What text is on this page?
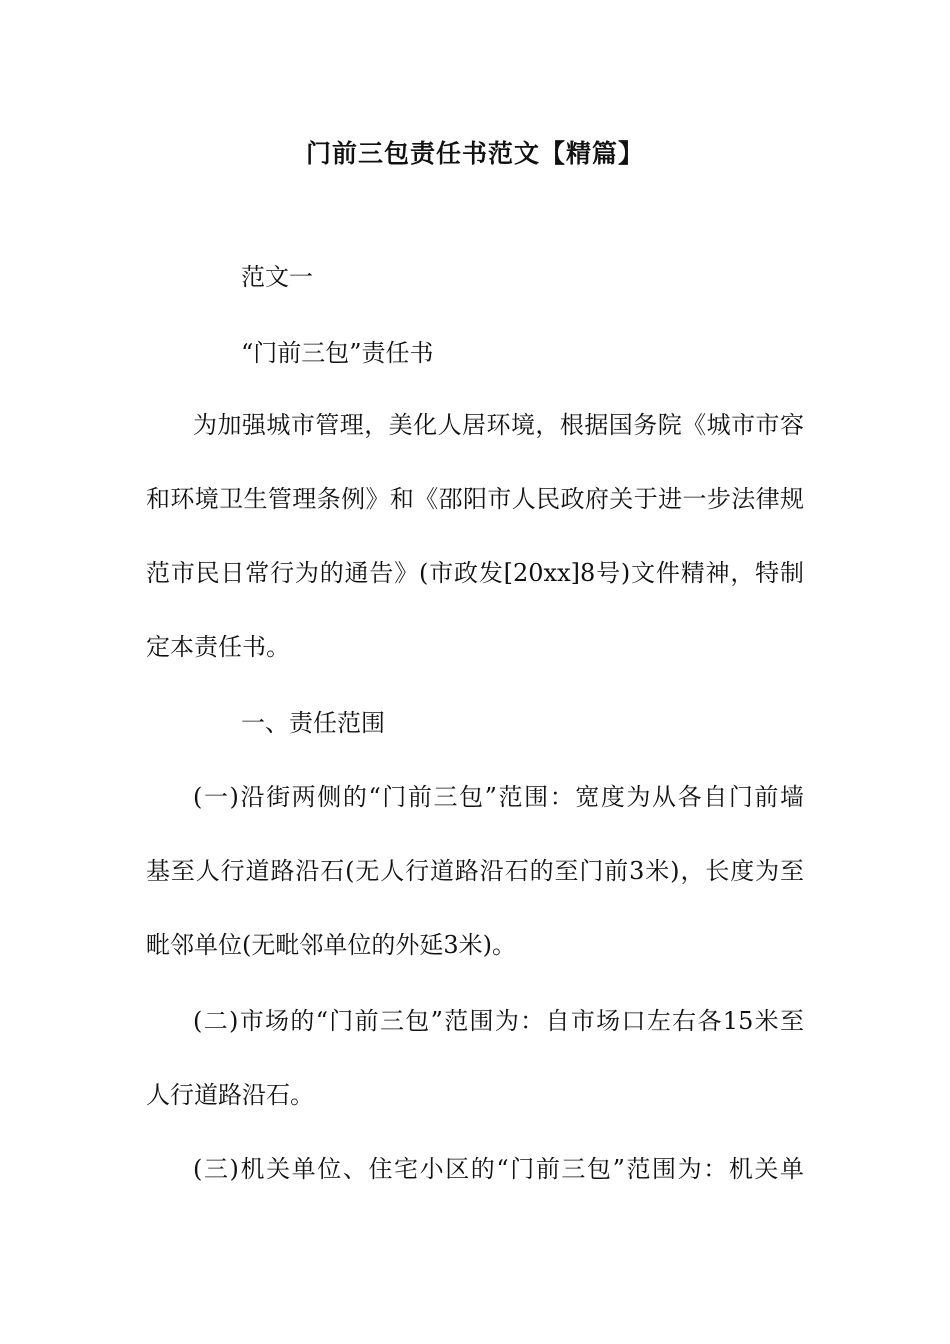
门前三包责任书范文【精篇】
范文一
“门前三包”责任书
为加强城市管理，美化人居环境，根据国务院《城市市容
和环境卫生管理条例》和《邵阳市人民政府关于进一步法律规
范市民日常行为的通告》(市政发[20xx]8号)文件精神，特制
定本责任书。
一、责任范围
(一)沿街两侧的“门前三包”范围：宽度为从各自门前墙
基至人行道路沿石(无人行道路沿石的至门前3米)，长度为至
毗邻单位(无毗邻单位的外延3米)。
(二)市场的“门前三包”范围为：自市场口左右各15米至
人行道路沿石。
(三)机关单位、住宅小区的“门前三包”范围为：机关单
